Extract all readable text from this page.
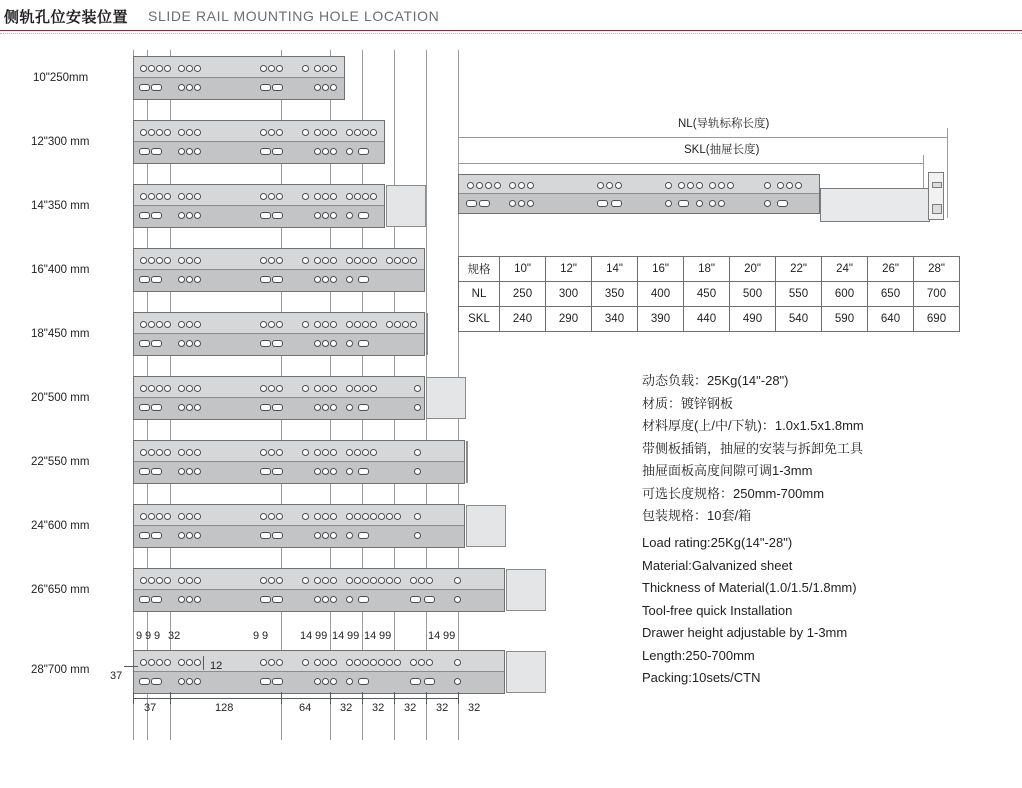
侧轨孔位安装位置 SLIDE RAIL MOUNTING HOLE LOCATION
10"250mm
12"300 mm
14"350 mm
16"400 mm
18"450 mm
20"500 mm
22"550 mm
24"600 mm
26"650 mm
28"700 mm
9 9 9 32	9 9	14 99 14 99 14 99	14 99
12
37
37	128	64	32 32 32 32 32
NL(导轨标称长度)
SKL(抽屉长度)
规格	10"	12"	14"	16"	18"	20"	22"	24"	26"	28"
NL	250	300	350	400	450	500	550	600	650	700
SKL	240	290	340	390	440	490	540	590	640	690
动态负载：25Kg(14"-28")
材质：镀锌钢板
材料厚度(上/中/下轨)：1.0x1.5x1.8mm
带侧板插销，抽屉的安装与拆卸免工具
抽屉面板高度间隙可调1-3mm
可选长度规格：250mm-700mm
包装规格：10套/箱
Load rating:25Kg(14"-28")
Material:Galvanized sheet
Thickness of Material(1.0/1.5/1.8mm)
Tool-free quick Installation
Drawer height adjustable by 1-3mm
Length:250-700mm
Packing:10sets/CTN
